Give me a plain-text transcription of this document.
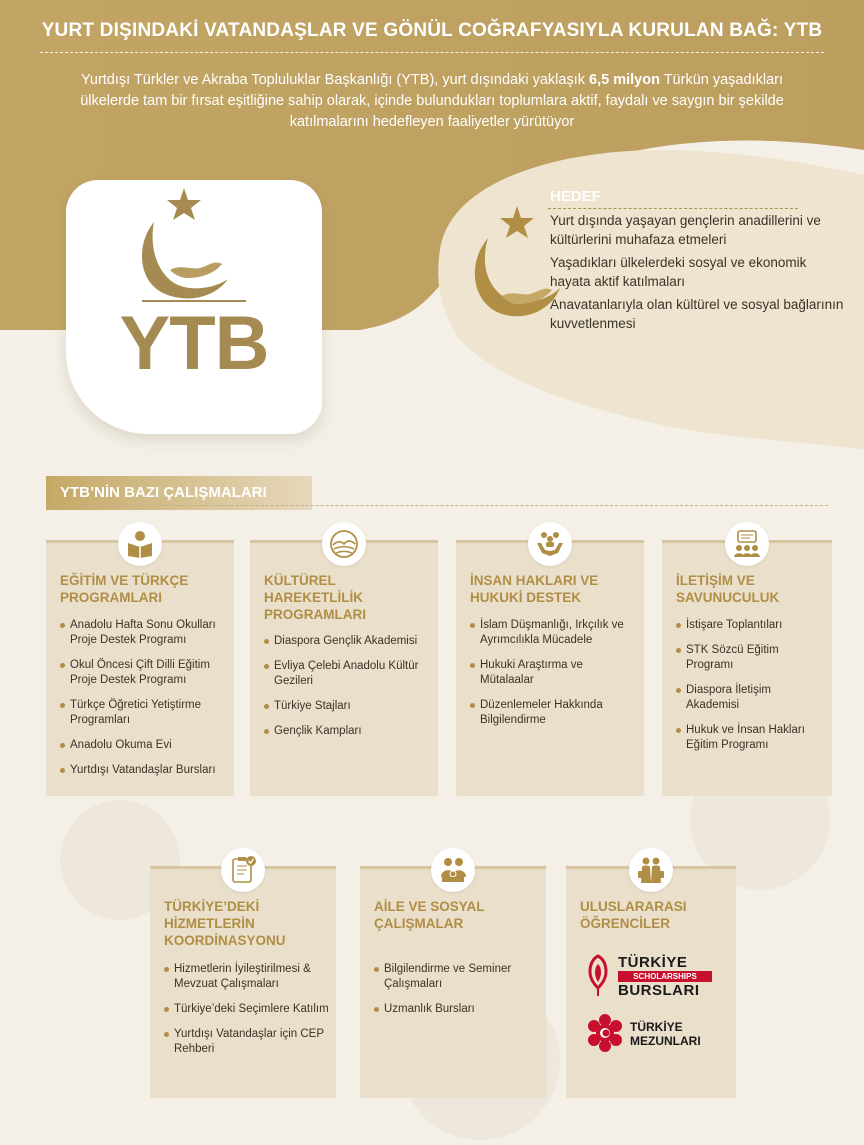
YURT DIŞINDAKİ VATANDAŞLAR VE GÖNÜL COĞRAFYASIYLA KURULAN BAĞ: YTB
Yurtdışı Türkler ve Akraba Topluluklar Başkanlığı (YTB), yurt dışındaki yaklaşık 6,5 milyon Türkün yaşadıkları ülkelerde tam bir fırsat eşitliğine sahip olarak, içinde bulundukları toplumlara aktif, faydalı ve saygın bir şekilde katılmalarını hedefleyen faaliyetler yürütüyor
YTB
HEDEF
Yurt dışında yaşayan gençlerin anadillerini ve kültürlerini muhafaza etmeleri
Yaşadıkları ülkelerdeki sosyal ve ekonomik hayata aktif katılmaları
Anavatanlarıyla olan kültürel ve sosyal bağlarının kuvvetlenmesi
YTB’NİN BAZI ÇALIŞMALARI
EĞİTİM VE TÜRKÇE
PROGRAMLARI
Anadolu Hafta Sonu Okulları Proje Destek Programı
Okul Öncesi Çift Dilli Eğitim Proje Destek Programı
Türkçe Öğretici Yetiştirme Programları
Anadolu Okuma Evi
Yurtdışı Vatandaşlar Bursları
KÜLTÜREL
HAREKETLİLİK
PROGRAMLARI
Diaspora Gençlik Akademisi
Evliya Çelebi Anadolu Kültür Gezileri
Türkiye Stajları
Gençlik Kampları
İNSAN HAKLARI VE
HUKUKİ DESTEK
İslam Düşmanlığı, Irkçılık ve Ayrımcılıkla Mücadele
Hukuki Araştırma ve Mütalaalar
Düzenlemeler Hakkında Bilgilendirme
İLETİŞİM VE
SAVUNUCULUK
İstişare Toplantıları
STK Sözcü Eğitim Programı
Diaspora İletişim Akademisi
Hukuk ve İnsan Hakları Eğitim Programı
TÜRKİYE’DEKİ
HİZMETLERİN
KOORDİNASYONU
Hizmetlerin İyileştirilmesi & Mevzuat Çalışmaları
Türkiye’deki Seçimlere Katılım
Yurtdışı Vatandaşlar için CEP Rehberi
AİLE VE SOSYAL
ÇALIŞMALAR
Bilgilendirme ve Seminer Çalışmaları
Uzmanlık Bursları
ULUSLARARASI
ÖĞRENCİLER
TÜRKİYE
SCHOLARSHIPS
BURSLARI
TÜRKİYE
MEZUNLARI
